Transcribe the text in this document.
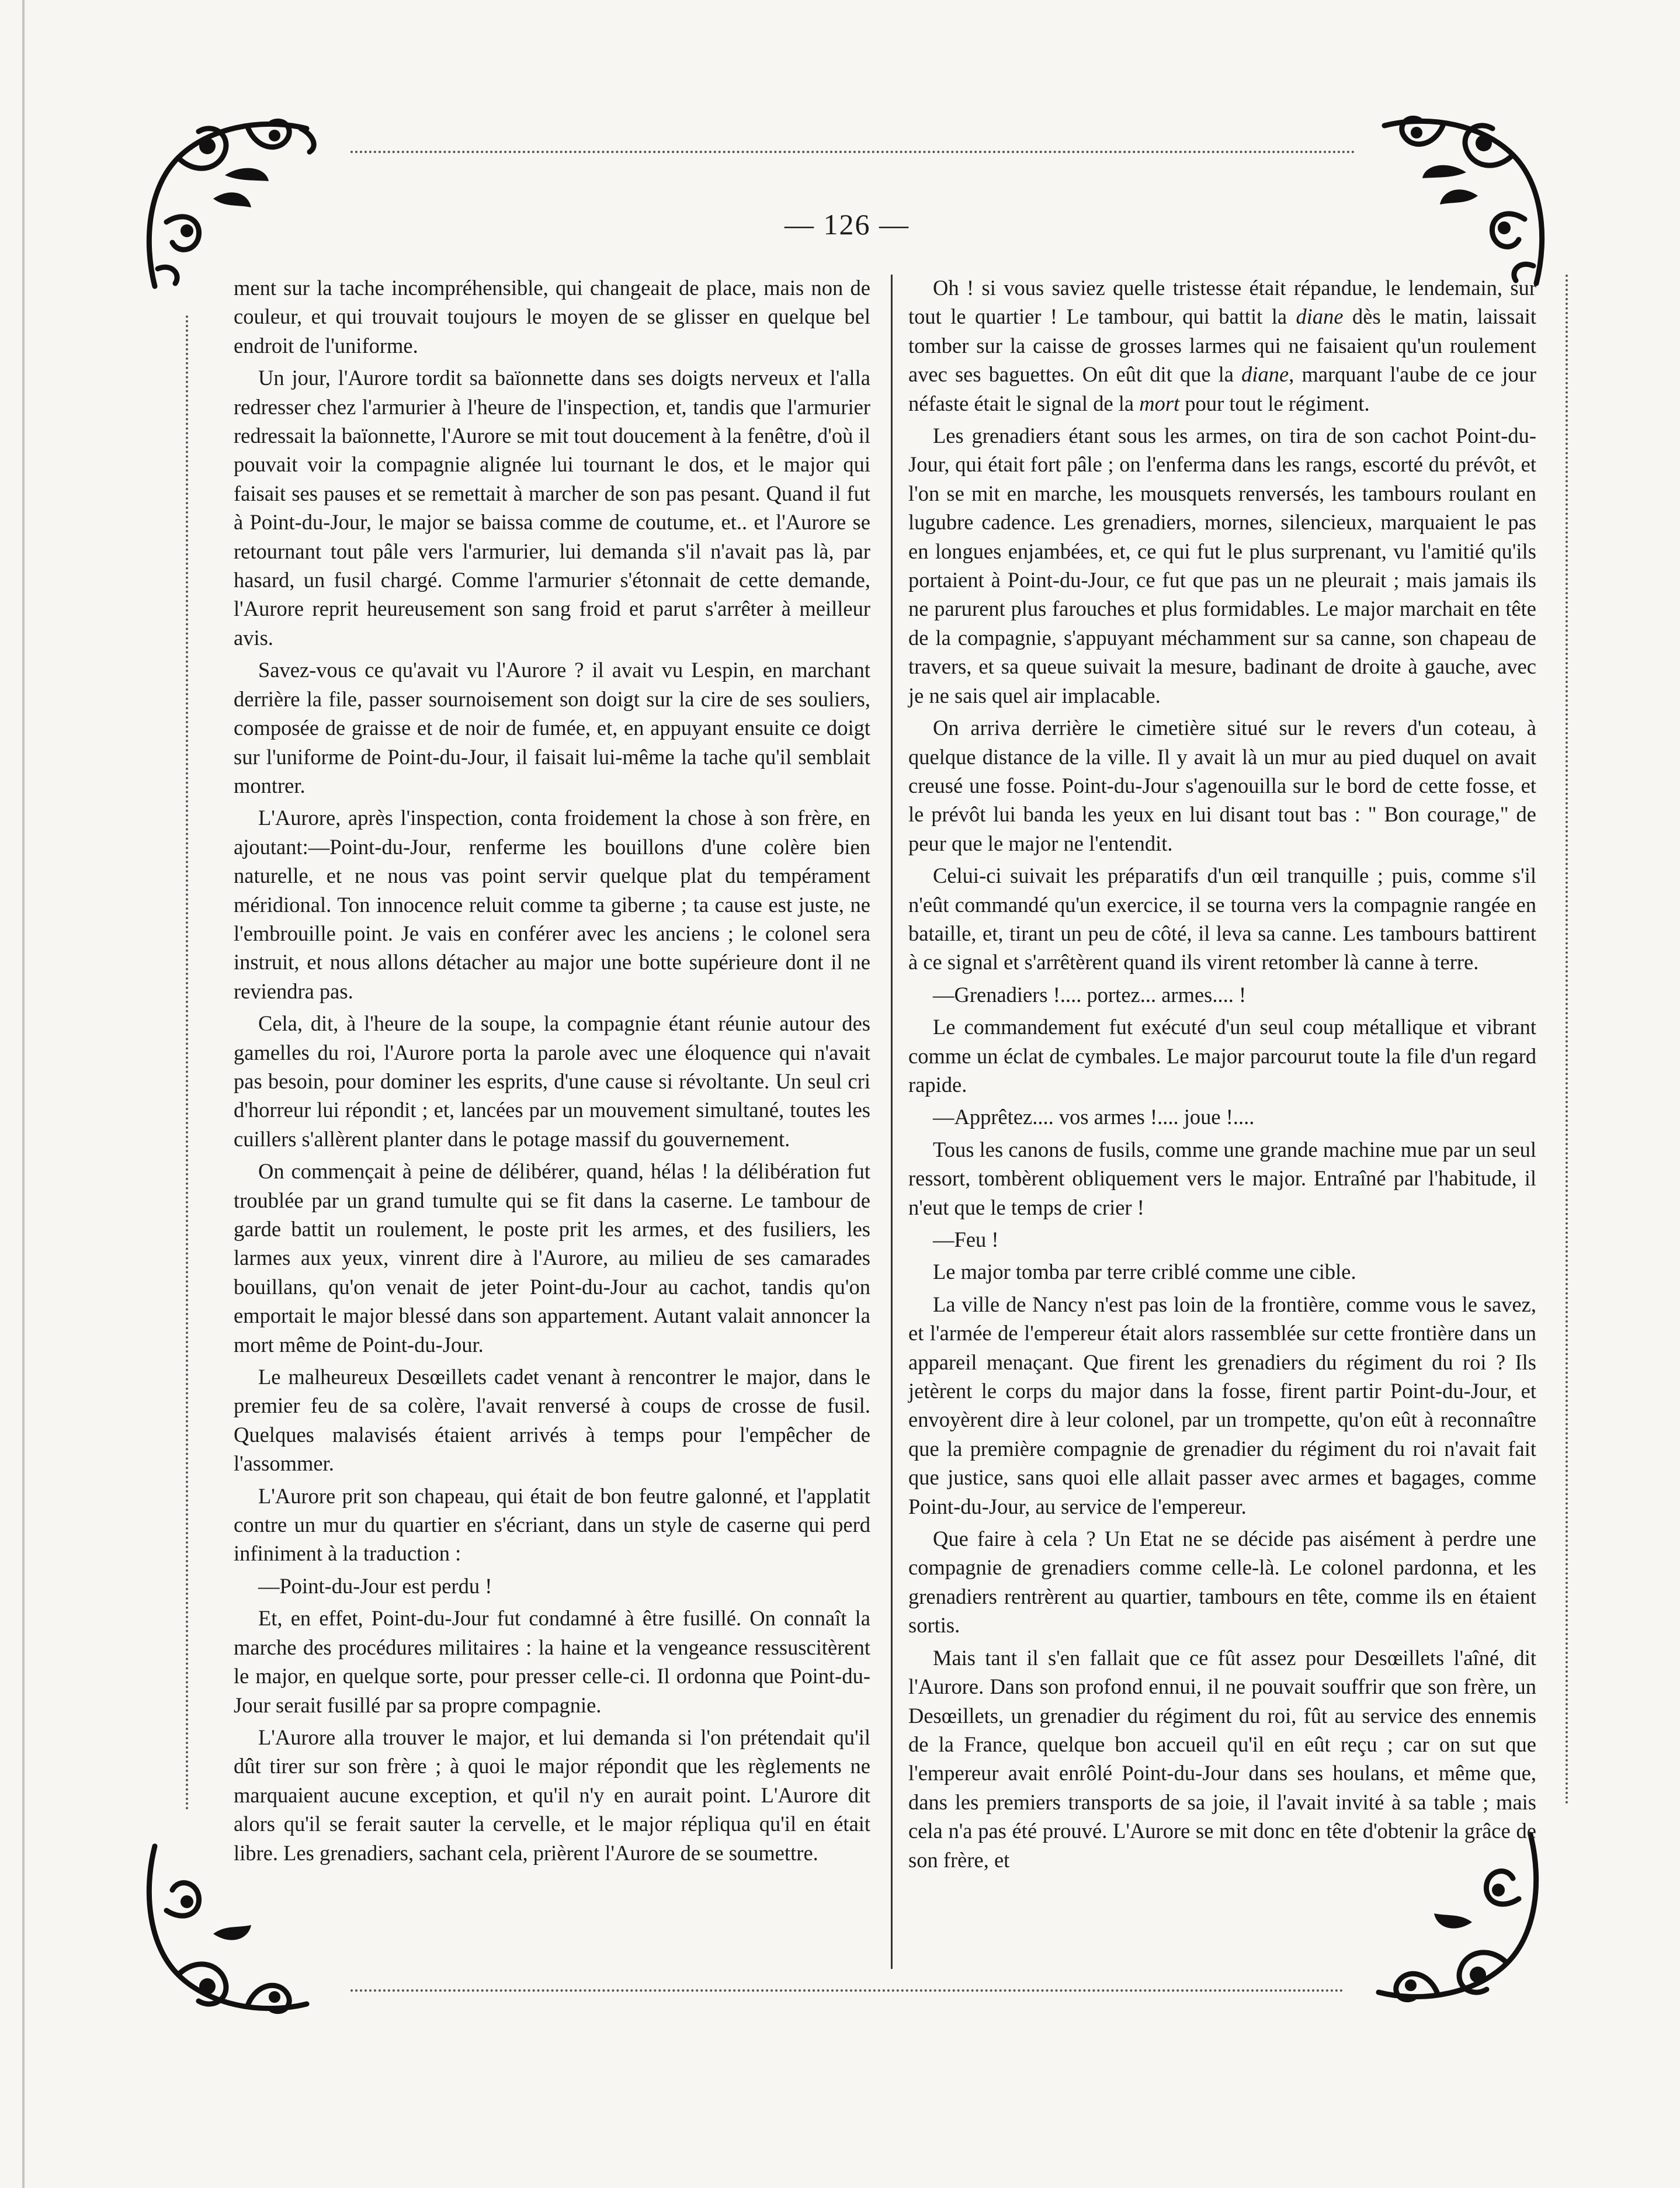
— 126 —

ment sur la tache incompréhensible, qui changeait de place, mais non de couleur, et qui trouvait toujours le moyen de se glisser en quelque bel endroit de l'uniforme.

Un jour, l'Aurore tordit sa baïonnette dans ses doigts nerveux et l'alla redresser chez l'armurier à l'heure de l'inspection, et, tandis que l'armurier redressait la baïonnette, l'Aurore se mit tout doucement à la fenêtre, d'où il pouvait voir la compagnie alignée lui tournant le dos, et le major qui faisait ses pauses et se remettait à marcher de son pas pesant. Quand il fut à Point-du-Jour, le major se baissa comme de coutume, et.. et l'Aurore se retournant tout pâle vers l'armurier, lui demanda s'il n'avait pas là, par hasard, un fusil chargé. Comme l'armurier s'étonnait de cette demande, l'Aurore reprit heureusement son sang froid et parut s'arrêter à meilleur avis.

Savez-vous ce qu'avait vu l'Aurore ? il avait vu Lespin, en marchant derrière la file, passer sournoisement son doigt sur la cire de ses souliers, composée de graisse et de noir de fumée, et, en appuyant ensuite ce doigt sur l'uniforme de Point-du-Jour, il faisait lui-même la tache qu'il semblait montrer.

L'Aurore, après l'inspection, conta froidement la chose à son frère, en ajoutant:—Point-du-Jour, renferme les bouillons d'une colère bien naturelle, et ne nous vas point servir quelque plat du tempérament méridional. Ton innocence reluit comme ta giberne ; ta cause est juste, ne l'embrouille point. Je vais en conférer avec les anciens ; le colonel sera instruit, et nous allons détacher au major une botte supérieure dont il ne reviendra pas.

Cela, dit, à l'heure de la soupe, la compagnie étant réunie autour des gamelles du roi, l'Aurore porta la parole avec une éloquence qui n'avait pas besoin, pour dominer les esprits, d'une cause si révoltante. Un seul cri d'horreur lui répondit ; et, lancées par un mouvement simultané, toutes les cuillers s'allèrent planter dans le potage massif du gouvernement.

On commençait à peine de délibérer, quand, hélas ! la délibération fut troublée par un grand tumulte qui se fit dans la caserne. Le tambour de garde battit un roulement, le poste prit les armes, et des fusiliers, les larmes aux yeux, vinrent dire à l'Aurore, au milieu de ses camarades bouillans, qu'on venait de jeter Point-du-Jour au cachot, tandis qu'on emportait le major blessé dans son appartement. Autant valait annoncer la mort même de Point-du-Jour.

Le malheureux Desœillets cadet venant à rencontrer le major, dans le premier feu de sa colère, l'avait renversé à coups de crosse de fusil. Quelques malavisés étaient arrivés à temps pour l'empêcher de l'assommer.

L'Aurore prit son chapeau, qui était de bon feutre galonné, et l'applatit contre un mur du quartier en s'écriant, dans un style de caserne qui perd infiniment à la traduction :

—Point-du-Jour est perdu !

Et, en effet, Point-du-Jour fut condamné à être fusillé. On connaît la marche des procédures militaires : la haine et la vengeance ressuscitèrent le major, en quelque sorte, pour presser celle-ci. Il ordonna que Point-du-Jour serait fusillé par sa propre compagnie.

L'Aurore alla trouver le major, et lui demanda si l'on prétendait qu'il dût tirer sur son frère ; à quoi le major répondit que les règlements ne marquaient aucune exception, et qu'il n'y en aurait point. L'Aurore dit alors qu'il se ferait sauter la cervelle, et le major répliqua qu'il en était libre. Les grenadiers, sachant cela, prièrent l'Aurore de se soumettre.

Oh ! si vous saviez quelle tristesse était répandue, le lendemain, sur tout le quartier ! Le tambour, qui battit la diane dès le matin, laissait tomber sur la caisse de grosses larmes qui ne faisaient qu'un roulement avec ses baguettes. On eût dit que la diane, marquant l'aube de ce jour néfaste était le signal de la mort pour tout le régiment.

Les grenadiers étant sous les armes, on tira de son cachot Point-du-Jour, qui était fort pâle ; on l'enferma dans les rangs, escorté du prévôt, et l'on se mit en marche, les mousquets renversés, les tambours roulant en lugubre cadence. Les grenadiers, mornes, silencieux, marquaient le pas en longues enjambées, et, ce qui fut le plus surprenant, vu l'amitié qu'ils portaient à Point-du-Jour, ce fut que pas un ne pleurait ; mais jamais ils ne parurent plus farouches et plus formidables. Le major marchait en tête de la compagnie, s'appuyant méchamment sur sa canne, son chapeau de travers, et sa queue suivait la mesure, badinant de droite à gauche, avec je ne sais quel air implacable.

On arriva derrière le cimetière situé sur le revers d'un coteau, à quelque distance de la ville. Il y avait là un mur au pied duquel on avait creusé une fosse. Point-du-Jour s'agenouilla sur le bord de cette fosse, et le prévôt lui banda les yeux en lui disant tout bas : " Bon courage," de peur que le major ne l'entendit.

Celui-ci suivait les préparatifs d'un œil tranquille ; puis, comme s'il n'eût commandé qu'un exercice, il se tourna vers la compagnie rangée en bataille, et, tirant un peu de côté, il leva sa canne. Les tambours battirent à ce signal et s'arrêtèrent quand ils virent retomber là canne à terre.

—Grenadiers !.... portez... armes.... !

Le commandement fut exécuté d'un seul coup métallique et vibrant comme un éclat de cymbales. Le major parcourut toute la file d'un regard rapide.

—Apprêtez.... vos armes !.... joue !....

Tous les canons de fusils, comme une grande machine mue par un seul ressort, tombèrent obliquement vers le major. Entraîné par l'habitude, il n'eut que le temps de crier !

—Feu !

Le major tomba par terre criblé comme une cible.

La ville de Nancy n'est pas loin de la frontière, comme vous le savez, et l'armée de l'empereur était alors rassemblée sur cette frontière dans un appareil menaçant. Que firent les grenadiers du régiment du roi ? Ils jetèrent le corps du major dans la fosse, firent partir Point-du-Jour, et envoyèrent dire à leur colonel, par un trompette, qu'on eût à reconnaître que la première compagnie de grenadier du régiment du roi n'avait fait que justice, sans quoi elle allait passer avec armes et bagages, comme Point-du-Jour, au service de l'empereur.

Que faire à cela ? Un Etat ne se décide pas aisément à perdre une compagnie de grenadiers comme celle-là. Le colonel pardonna, et les grenadiers rentrèrent au quartier, tambours en tête, comme ils en étaient sortis.

Mais tant il s'en fallait que ce fût assez pour Desœillets l'aîné, dit l'Aurore. Dans son profond ennui, il ne pouvait souffrir que son frère, un Desœillets, un grenadier du régiment du roi, fût au service des ennemis de la France, quelque bon accueil qu'il en eût reçu ; car on sut que l'empereur avait enrôlé Point-du-Jour dans ses houlans, et même que, dans les premiers transports de sa joie, il l'avait invité à sa table ; mais cela n'a pas été prouvé. L'Aurore se mit donc en tête d'obtenir la grâce de son frère, et
